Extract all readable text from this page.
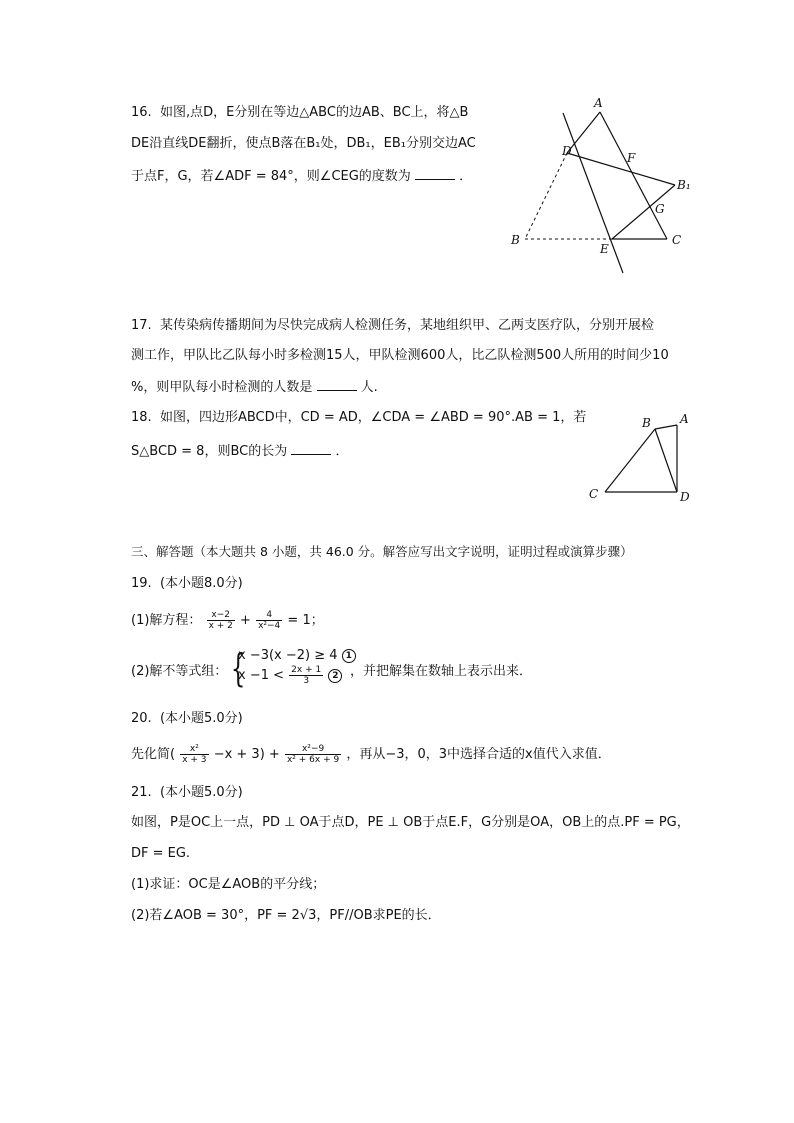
16.  如图,点D，E分别在等边△ABC的边AB、BC上，将△B
DE沿直线DE翻折，使点B落在B₁处，DB₁，EB₁分别交边AC
于点F，G，若∠ADF = 84°，则∠CEG的度数为	．
A
D	F
B₁
G
B
E
C
17.  某传染病传播期间为尽快完成病人检测任务，某地组织甲、乙两支医疗队，分别开展检
测工作，甲队比乙队每小时多检测15人，甲队检测600人，比乙队检测500人所用的时间少10
%，则甲队每小时检测的人数是	人.
18.  如图，四边形ABCD中，CD = AD，∠CDA = ∠ABD = 90°.AB = 1，若
S△BCD = 8，则BC的长为	．
B A
C	D
三、解答题（本大题共 8 小题，共 46.0 分。解答应写出文字说明，证明过程或演算步骤）
19.  (本小题8.0分)
(1)解方程： $\frac{x-2}{x + 2} + \frac{4}{\text{x²−4}} = 1$；
(2)解不等式组： {
x −3(x −2) ≥ 4 1
$x -1 < \frac{2x + 1}{3} 2$ ，并把解集在数轴上表示出来．
20.  (本小题5.0分)
先化简( $\frac{\text{x²}}{x + 3} -x + 3) + \frac{\text{x²−9}}{\text{x² + 6x + 9}}$ ，再从−3，0，3中选择合适的x值代入求值．
21.  (本小题5.0分)
如图，P是OC上一点，PD ⊥ OA于点D，PE ⊥ OB于点E.F，G分别是OA，OB上的点.PF = PG，
DF = EG.
(1)求证：OC是∠AOB的平分线；
(2)若∠AOB = 30°，PF = 2√3，PF//OB求PE的长．
